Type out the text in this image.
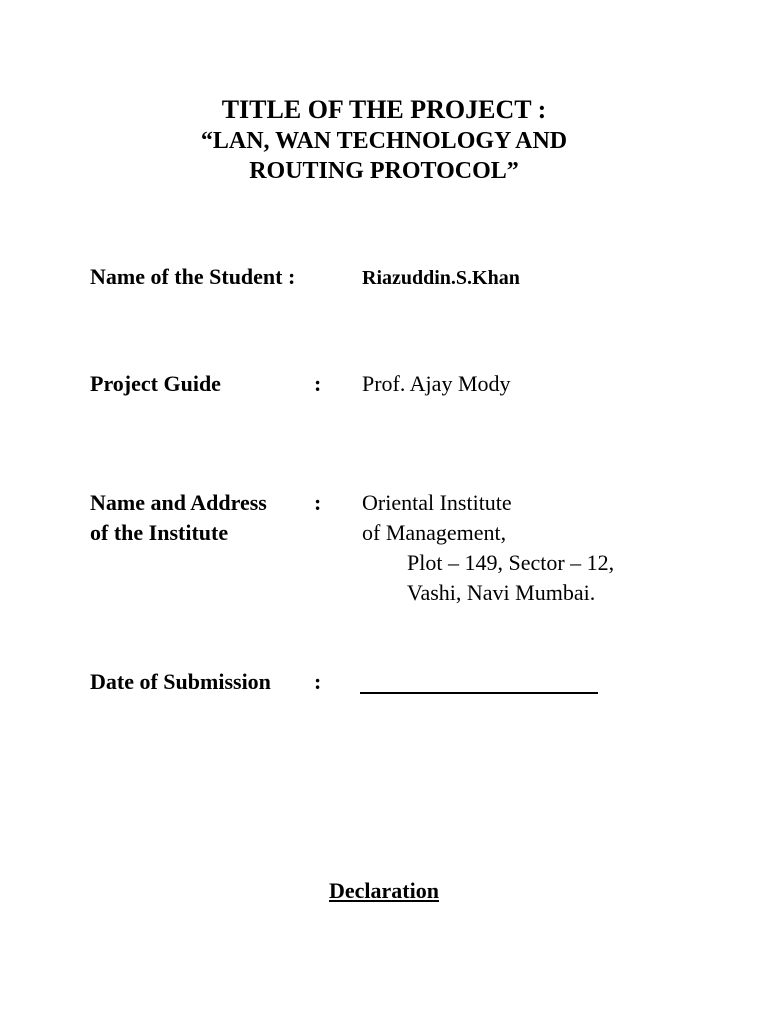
TITLE OF THE PROJECT :
“LAN, WAN TECHNOLOGY AND
ROUTING PROTOCOL”
Name of the Student :	Riazuddin.S.Khan
Project Guide	: Prof. Ajay Mody
Name and Address
of the Institute
: Oriental Institute
of Management,
Plot – 149, Sector – 12,
Vashi, Navi Mumbai.
Date of Submission :
Declaration
